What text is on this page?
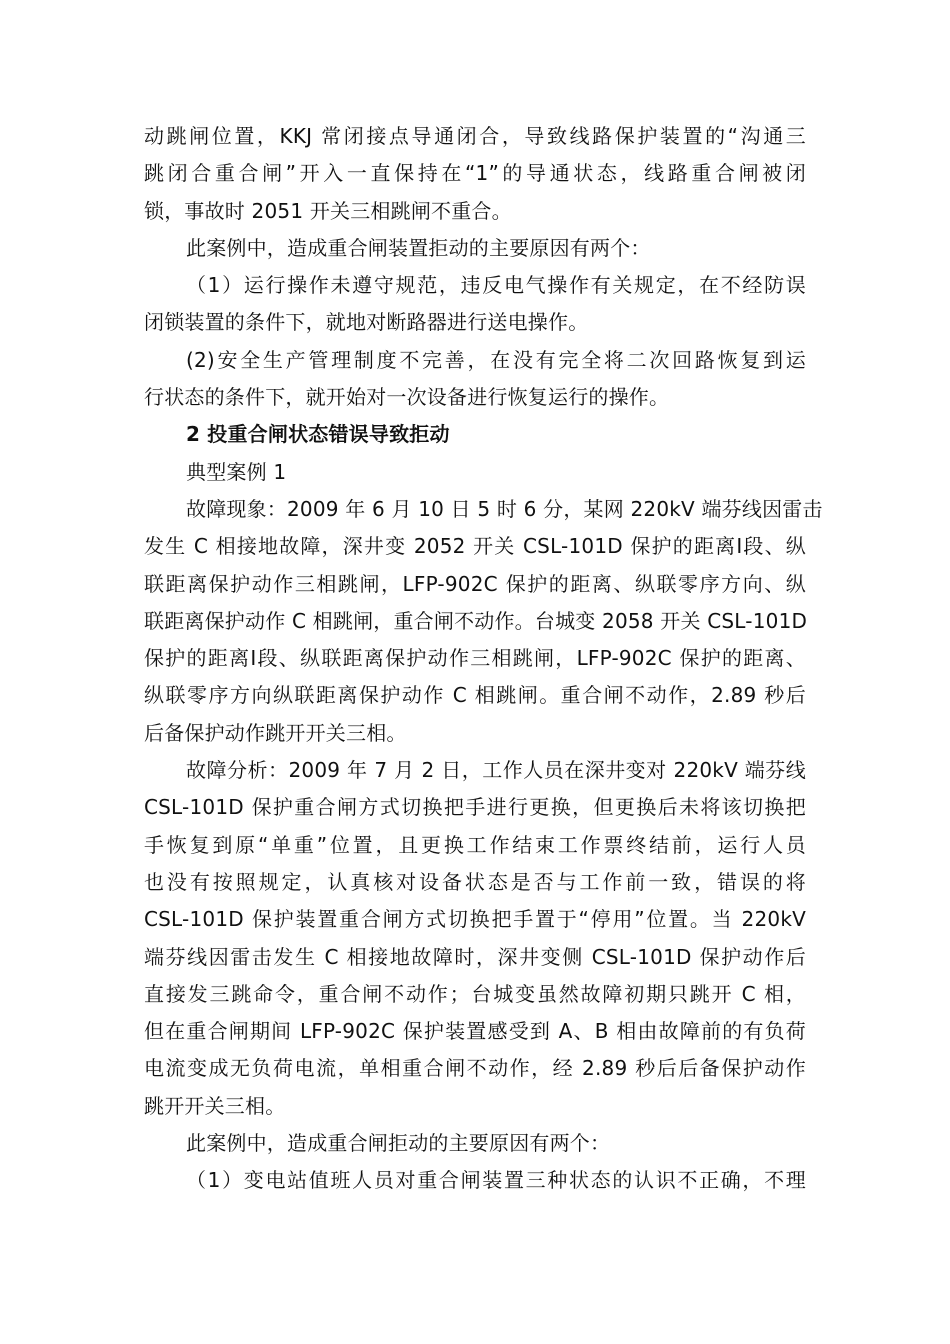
动跳闸位置，KKJ 常闭接点导通闭合，导致线路保护装置的“沟通三
跳闭合重合闸”开入一直保持在“1”的导通状态，线路重合闸被闭
锁，事故时 2051 开关三相跳闸不重合。
此案例中，造成重合闸装置拒动的主要原因有两个：
（1）运行操作未遵守规范，违反电气操作有关规定，在不经防误
闭锁装置的条件下，就地对断路器进行送电操作。
(2)安全生产管理制度不完善，在没有完全将二次回路恢复到运
行状态的条件下，就开始对一次设备进行恢复运行的操作。
2 投重合闸状态错误导致拒动
典型案例 1
故障现象：2009 年 6 月 10 日 5 时 6 分，某网 220kV 端芬线因雷击
发生 C 相接地故障，深井变 2052 开关 CSL-101D 保护的距离Ⅰ段、纵
联距离保护动作三相跳闸，LFP-902C 保护的距离、纵联零序方向、纵
联距离保护动作 C 相跳闸，重合闸不动作。台城变 2058 开关 CSL-101D
保护的距离Ⅰ段、纵联距离保护动作三相跳闸，LFP-902C 保护的距离、
纵联零序方向纵联距离保护动作 C 相跳闸。重合闸不动作，2.89 秒后
后备保护动作跳开开关三相。
故障分析：2009 年 7 月 2 日，工作人员在深井变对 220kV 端芬线
CSL-101D 保护重合闸方式切换把手进行更换，但更换后未将该切换把
手恢复到原“单重”位置，且更换工作结束工作票终结前，运行人员
也没有按照规定，认真核对设备状态是否与工作前一致，错误的将
CSL-101D 保护装置重合闸方式切换把手置于“停用”位置。当 220kV
端芬线因雷击发生 C 相接地故障时，深井变侧 CSL-101D 保护动作后
直接发三跳命令，重合闸不动作；台城变虽然故障初期只跳开 C 相，
但在重合闸期间 LFP-902C 保护装置感受到 A、B 相由故障前的有负荷
电流变成无负荷电流，单相重合闸不动作，经 2.89 秒后后备保护动作
跳开开关三相。
此案例中，造成重合闸拒动的主要原因有两个：
（1）变电站值班人员对重合闸装置三种状态的认识不正确，不理
